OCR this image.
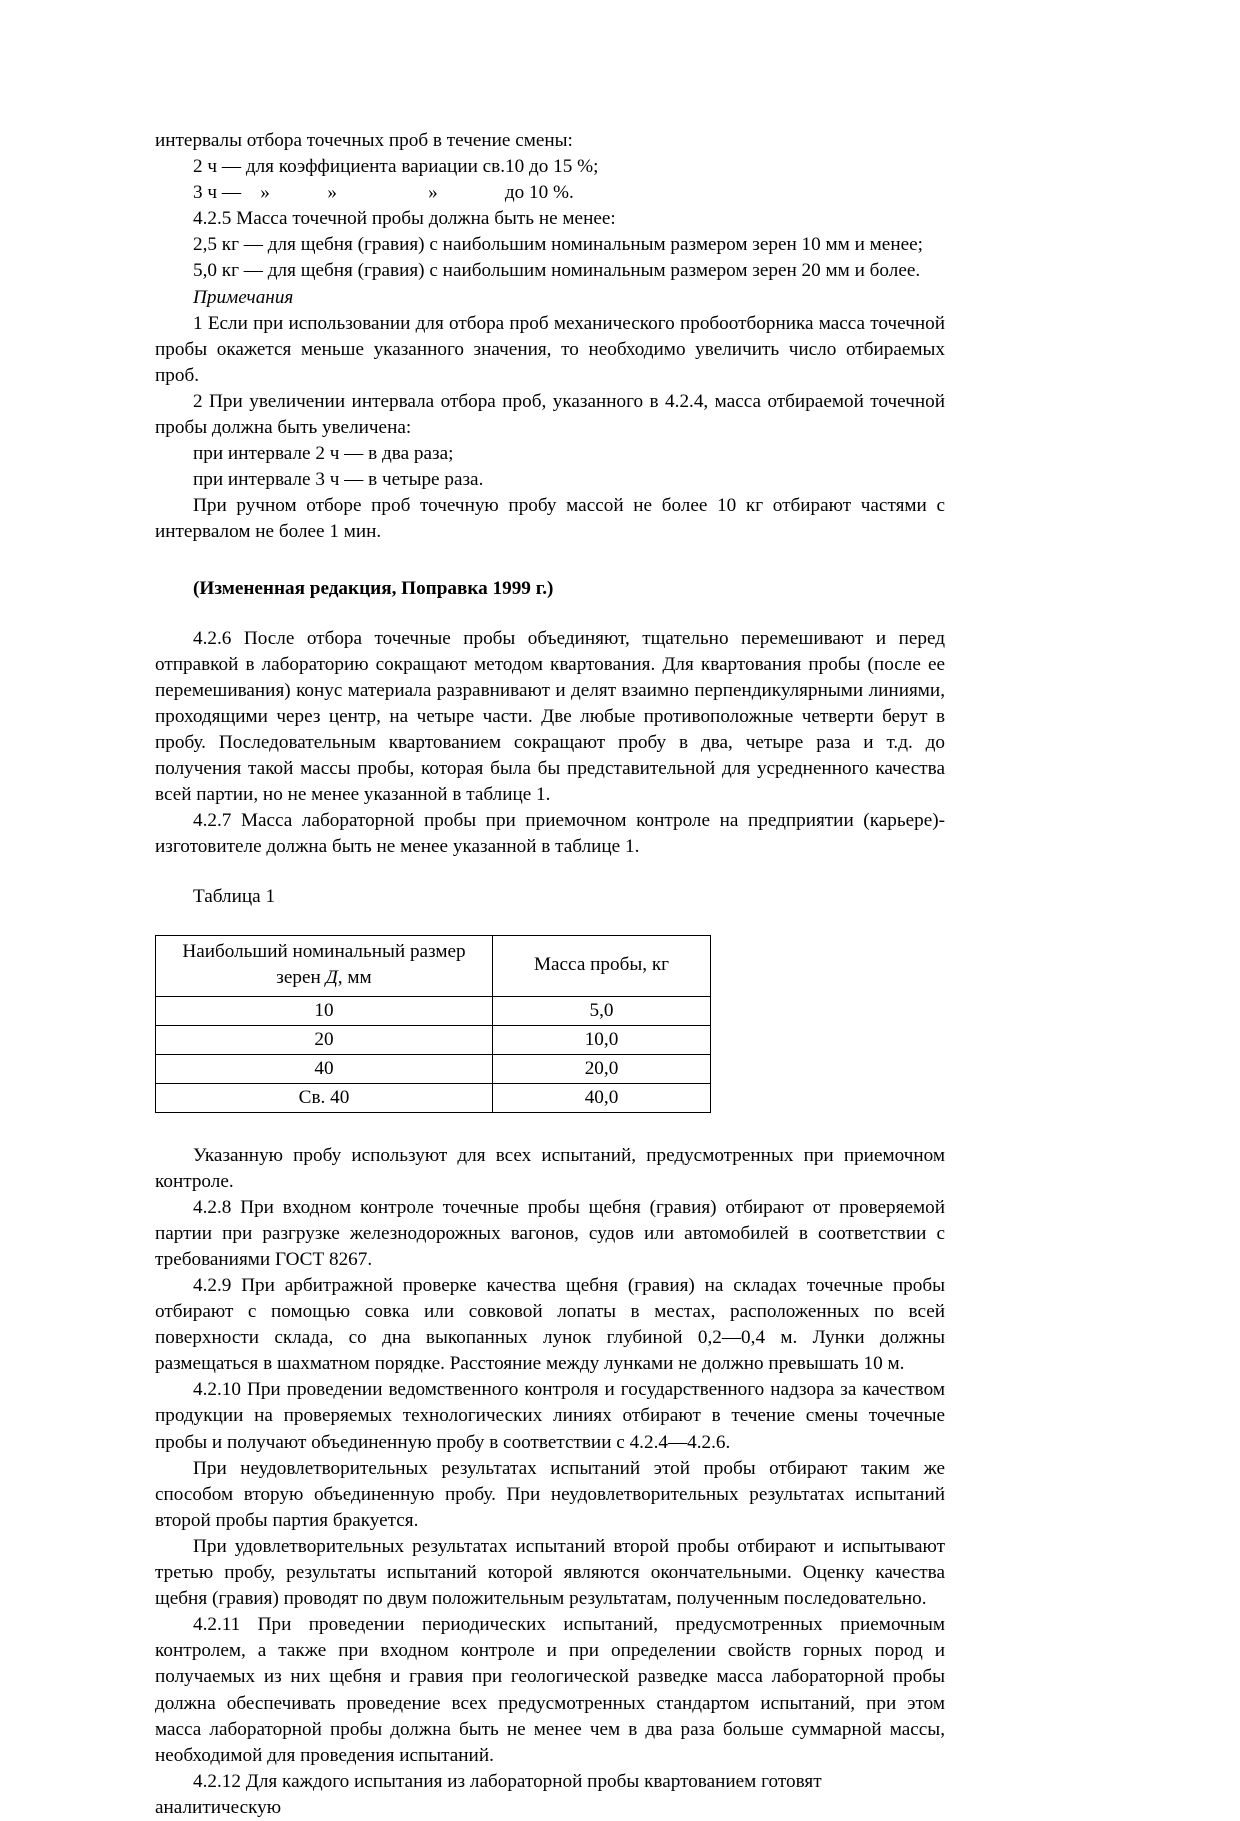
интервалы отбора точечных проб в течение смены:

2 ч — для коэффициента вариации св.10 до 15 %;

3 ч —    »            »                   »              до 10 %.

4.2.5 Масса точечной пробы должна быть не менее:

2,5 кг — для щебня (гравия) с наибольшим номинальным размером зерен 10 мм и менее;

5,0 кг — для щебня (гравия) с наибольшим номинальным размером зерен 20 мм и более.

Примечания

1 Если при использовании для отбора проб механического пробоотборника масса точечной пробы окажется меньше указанного значения, то необходимо увеличить число отбираемых проб.

2 При увеличении интервала отбора проб, указанного в 4.2.4, масса отбираемой точечной пробы должна быть увеличена:

при интервале 2 ч — в два раза;

при интервале 3 ч — в четыре раза.

При ручном отборе проб точечную пробу массой не более 10 кг отбирают частями с интервалом не более 1 мин.

(Измененная редакция, Поправка 1999 г.)

4.2.6 После отбора точечные пробы объединяют, тщательно перемешивают и перед отправкой в лабораторию сокращают методом квартования. Для квартования пробы (после ее перемешивания) конус материала разравнивают и делят взаимно перпендикулярными линиями, проходящими через центр, на четыре части. Две любые противоположные четверти берут в пробу. Последовательным квартованием сокращают пробу в два, четыре раза и т.д. до получения такой массы пробы, которая была бы представительной для усредненного качества всей партии, но не менее указанной в таблице 1.

4.2.7 Масса лабораторной пробы при приемочном контроле на предприятии (карьере)-изготовителе должна быть не менее указанной в таблице 1.

Таблица 1

Наибольший номинальный размер
зерен Д, мм	Масса пробы, кг
10	5,0
20	10,0
40	20,0
Св. 40	40,0

Указанную пробу используют для всех испытаний, предусмотренных при приемочном контроле.

4.2.8 При входном контроле точечные пробы щебня (гравия) отбирают от проверяемой партии при разгрузке железнодорожных вагонов, судов или автомобилей в соответствии с требованиями ГОСТ 8267.

4.2.9 При арбитражной проверке качества щебня (гравия) на складах точечные пробы отбирают с помощью совка или совковой лопаты в местах, расположенных по всей поверхности склада, со дна выкопанных лунок глубиной 0,2—0,4 м. Лунки должны размещаться в шахматном порядке. Расстояние между лунками не должно превышать 10 м.

4.2.10 При проведении ведомственного контроля и государственного надзора за качеством продукции на проверяемых технологических линиях отбирают в течение смены точечные пробы и получают объединенную пробу в соответствии с 4.2.4—4.2.6.

При неудовлетворительных результатах испытаний этой пробы отбирают таким же способом вторую объединенную пробу. При неудовлетворительных результатах испытаний второй пробы партия бракуется.

При удовлетворительных результатах испытаний второй пробы отбирают и испытывают третью пробу, результаты испытаний которой являются окончательными. Оценку качества щебня (гравия) проводят по двум положительным результатам, полученным последовательно.

4.2.11 При проведении периодических испытаний, предусмотренных приемочным контролем, а также при входном контроле и при определении свойств горных пород и получаемых из них щебня и гравия при геологической разведке масса лабораторной пробы должна обеспечивать проведение всех предусмотренных стандартом испытаний, при этом масса лабораторной пробы должна быть не менее чем в два раза больше суммарной массы, необходимой для проведения испытаний.

4.2.12 Для каждого испытания из лабораторной пробы квартованием готовят аналитическую
